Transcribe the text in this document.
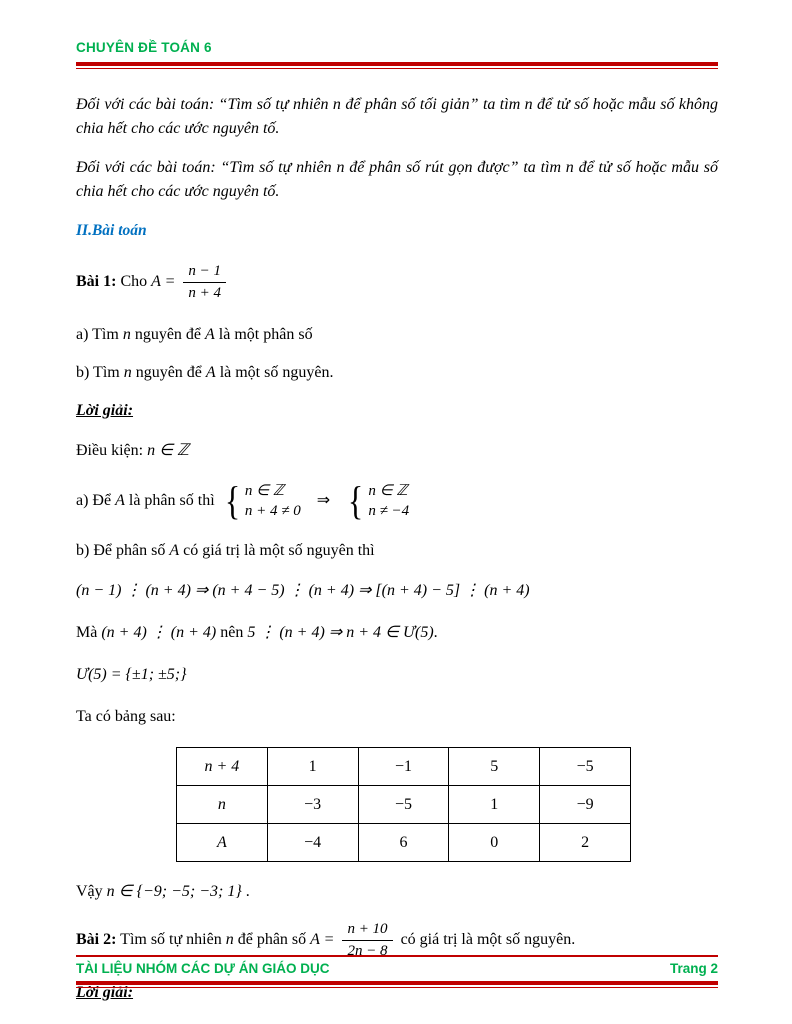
CHUYÊN ĐỀ TOÁN 6

Đối với các bài toán: “Tìm số tự nhiên n để phân số tối giản” ta tìm n để tử số hoặc mẫu số không chia hết cho các ước nguyên tố.

Đối với các bài toán: “Tìm số tự nhiên n để phân số rút gọn được” ta tìm n để tử số hoặc mẫu số chia hết cho các ước nguyên tố.

II.Bài toán

Bài 1: Cho $A = \frac{n - 1}{n + 4}$

a) Tìm n nguyên để A là một phân số

b) Tìm n nguyên để A là một số nguyên.

Lời giải:

Điều kiện: n ∈ ℤ

a) Để A là phân số thì { n ∈ ℤ
n + 4 ≠ 0
⇒ { n ∈ ℤ
n ≠ −4

b) Để phân số A có giá trị là một số nguyên thì

(n − 1) ⋮ (n + 4) ⇒ (n + 4 − 5) ⋮ (n + 4) ⇒ [(n + 4) − 5] ⋮ (n + 4)

Mà (n + 4) ⋮ (n + 4) nên 5 ⋮ (n + 4) ⇒ n + 4 ∈ Ư(5).

Ư(5) = {±1; ±5;}

Ta có bảng sau:

n + 4	1	−1	5	−5
n	−3	−5	1	−9
A	−4	6	0	2

Vậy n ∈ {−9; −5; −3; 1} .

Bài 2: Tìm số tự nhiên n để phân số $A = \frac{n + 10}{2n - 8}$ có giá trị là một số nguyên.

Lời giải:

TÀI LIỆU NHÓM CÁC DỰ ÁN GIÁO DỤC	Trang 2
